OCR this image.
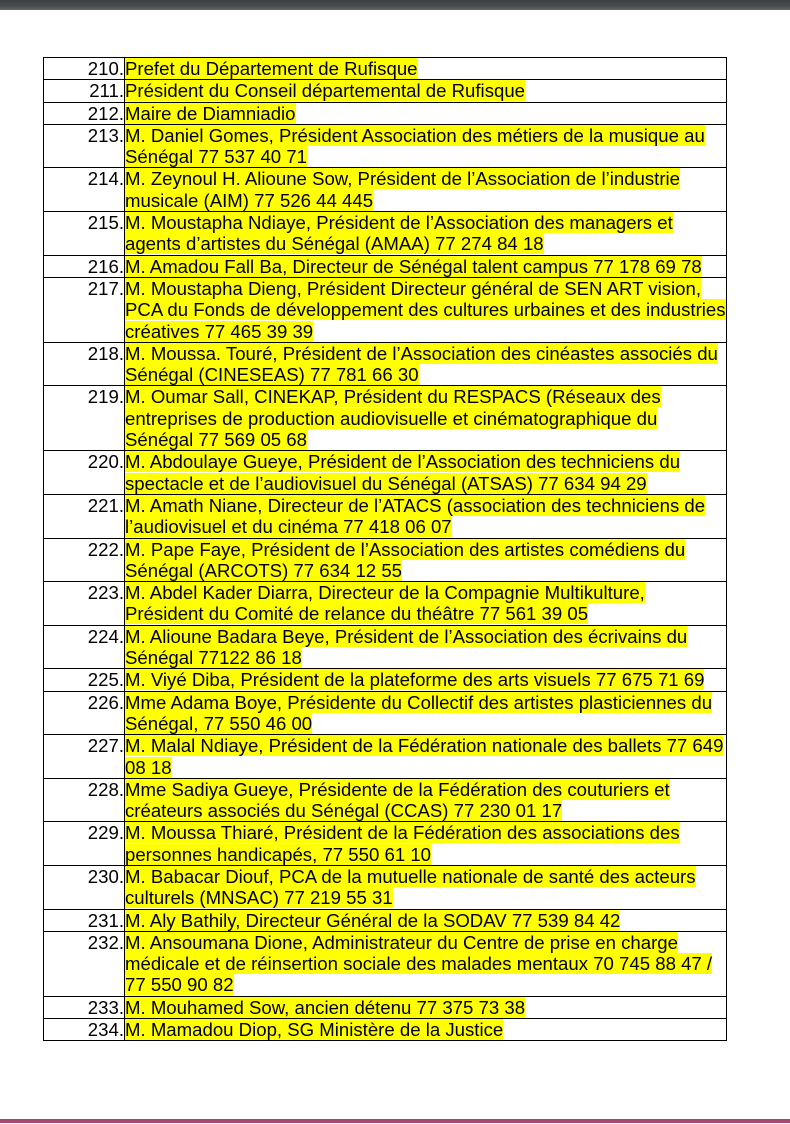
210.	Prefet du Département de Rufisque
211.	Président du Conseil départemental de Rufisque
212.	Maire de Diamniadio
213.	M. Daniel Gomes, Président Association des métiers de la musique au Sénégal 77 537 40 71
214.	M. Zeynoul H. Alioune Sow, Président de l’Association de l’industrie musicale (AIM) 77 526 44 445
215.	M. Moustapha Ndiaye, Président de l’Association des managers et agents d’artistes du Sénégal (AMAA) 77 274 84 18
216.	M. Amadou Fall Ba, Directeur de Sénégal talent campus 77 178 69 78
217.	M. Moustapha Dieng, Président Directeur général de SEN ART vision, PCA du Fonds de développement des cultures urbaines et des industries créatives 77 465 39 39
218.	M. Moussa. Touré, Président de l’Association des cinéastes associés du Sénégal (CINESEAS) 77 781 66 30
219.	M. Oumar Sall, CINEKAP, Président du RESPACS (Réseaux des entreprises de production audiovisuelle et cinématographique du Sénégal 77 569 05 68
220.	M. Abdoulaye Gueye, Président de l’Association des techniciens du spectacle et de l’audiovisuel du Sénégal (ATSAS) 77 634 94 29
221.	M. Amath Niane, Directeur de l’ATACS (association des techniciens de l’audiovisuel et du cinéma 77 418 06 07
222.	M. Pape Faye, Président de l’Association des artistes comédiens du Sénégal (ARCOTS) 77 634 12 55
223.	M. Abdel Kader Diarra, Directeur de la Compagnie Multikulture, Président du Comité de relance du théâtre 77 561 39 05
224.	M. Alioune Badara Beye, Président de l’Association des écrivains du Sénégal 77122 86 18
225.	M. Viyé Diba, Président de la plateforme des arts visuels 77 675 71 69
226.	Mme Adama Boye, Présidente du Collectif des artistes plasticiennes du Sénégal, 77 550 46 00
227.	M. Malal Ndiaye, Président de la Fédération nationale des ballets 77 649 08 18
228.	Mme Sadiya Gueye, Présidente de la Fédération des couturiers et créateurs associés du Sénégal (CCAS) 77 230 01 17
229.	M. Moussa Thiaré, Président de la Fédération des associations des personnes handicapés, 77 550 61 10
230.	M. Babacar Diouf, PCA de la mutuelle nationale de santé des acteurs culturels (MNSAC) 77 219 55 31
231.	M. Aly Bathily, Directeur Général de la SODAV 77 539 84 42
232.	M. Ansoumana Dione, Administrateur du Centre de prise en charge médicale et de réinsertion sociale des malades mentaux 70 745 88 47 / 77 550 90 82
233.	M. Mouhamed Sow, ancien détenu 77 375 73 38
234.	M. Mamadou Diop, SG Ministère de la Justice
